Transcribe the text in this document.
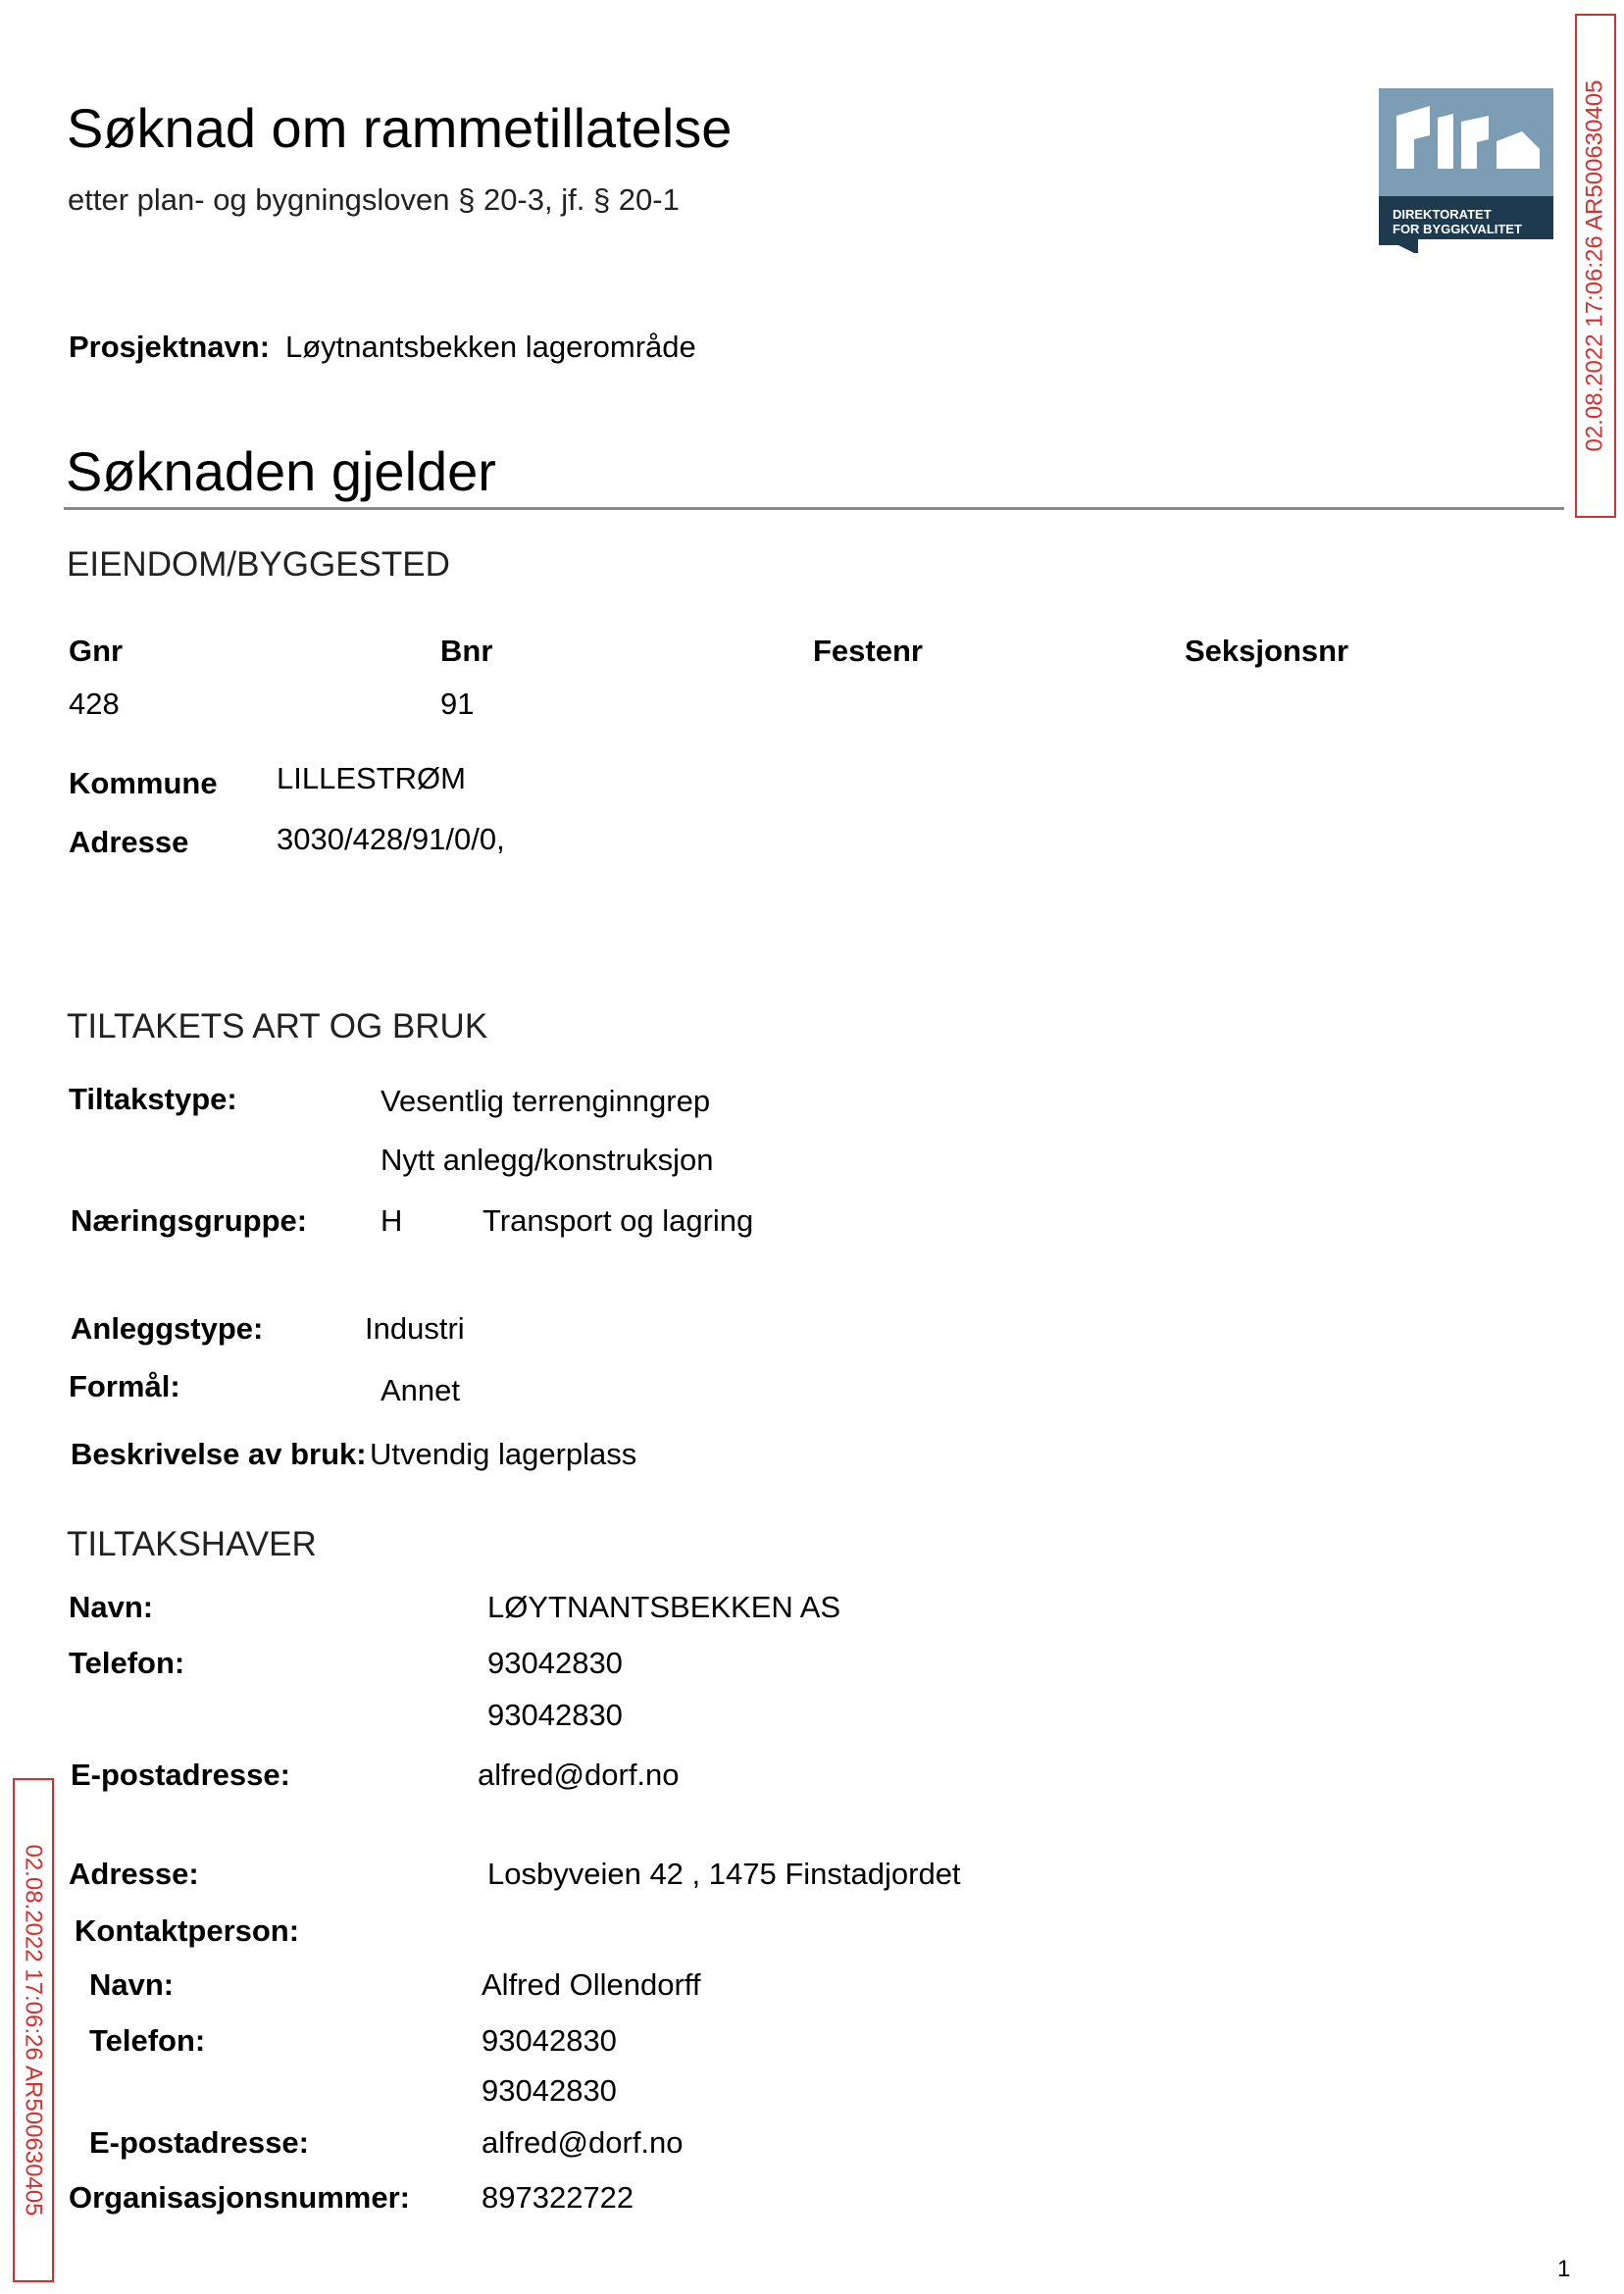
Søknad om rammetillatelse
etter plan- og bygningsloven § 20-3, jf. § 20-1	DIREKTORATET
FOR BYGGKVALITET	02.08.2022 17:06:26 AR500630405
02.08.2022 17:06:26 AR500630405
Prosjektnavn: Løytnantsbekken lagerområde
Søknaden gjelder
EIENDOM/BYGGESTED
Gnr	Bnr	Festenr	Seksjonsnr
428	91
Kommune LILLESTRØM
Adresse	3030/428/91/0/0,
TILTAKETS ART OG BRUK
Tiltakstype:	Vesentlig terrenginngrep
Nytt anlegg/konstruksjon
Næringsgruppe: H	Transport og lagring
Anleggstype:	Industri
Formål:	Annet
Beskrivelse av bruk: Utvendig lagerplass
TILTAKSHAVER
Navn:	LØYTNANTSBEKKEN AS
Telefon:	93042830
93042830
E-postadresse:	alfred@dorf.no
Adresse:	Losbyveien 42 , 1475 Finstadjordet
Kontaktperson:
Navn:	Alfred Ollendorff
Telefon:	93042830
93042830
E-postadresse:	alfred@dorf.no
Organisasjonsnummer: 897322722
1
